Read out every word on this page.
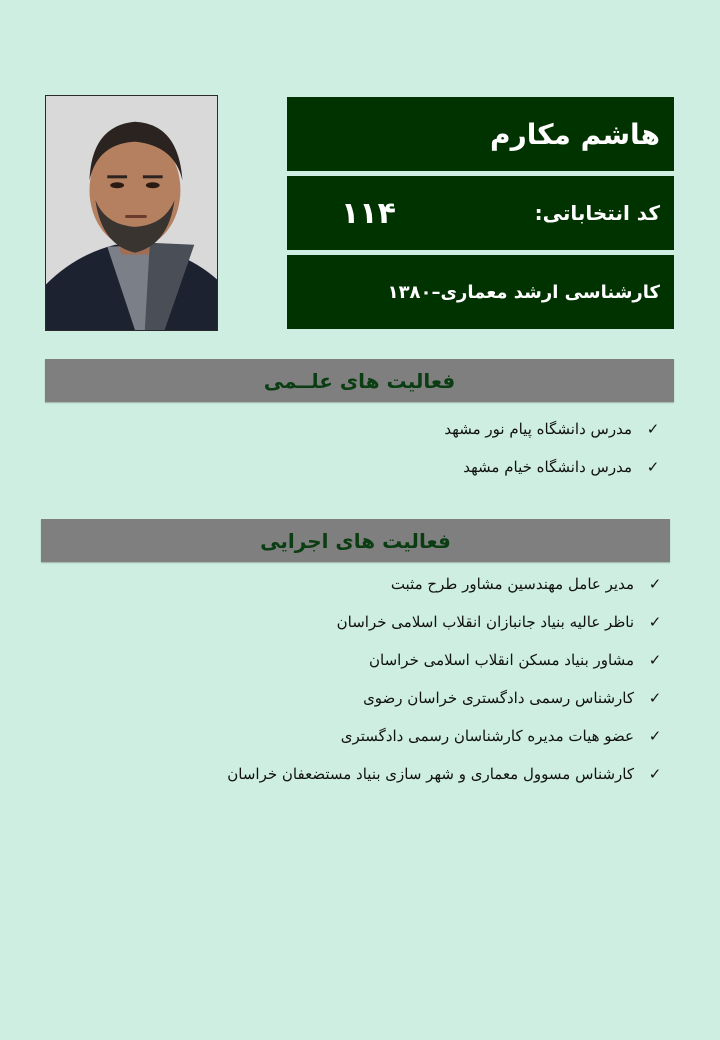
هاشم مکارم
کد انتخاباتی:
۱۱۴
کارشناسی ارشد معماری–۱۳۸۰
فعالیت های علــمی
✓
مدرس دانشگاه پیام نور مشهد
✓
مدرس دانشگاه خیام مشهد
فعالیت های اجرایی
✓
مدیر عامل مهندسین مشاور طرح مثبت
✓
ناظر عالیه بنیاد جانبازان انقلاب اسلامی خراسان
✓
مشاور بنیاد مسکن انقلاب اسلامی خراسان
✓
کارشناس رسمی دادگستری خراسان رضوی
✓
عضو هیات مدیره کارشناسان رسمی دادگستری
✓
کارشناس مسوول معماری و شهر سازی بنیاد مستضعفان خراسان
